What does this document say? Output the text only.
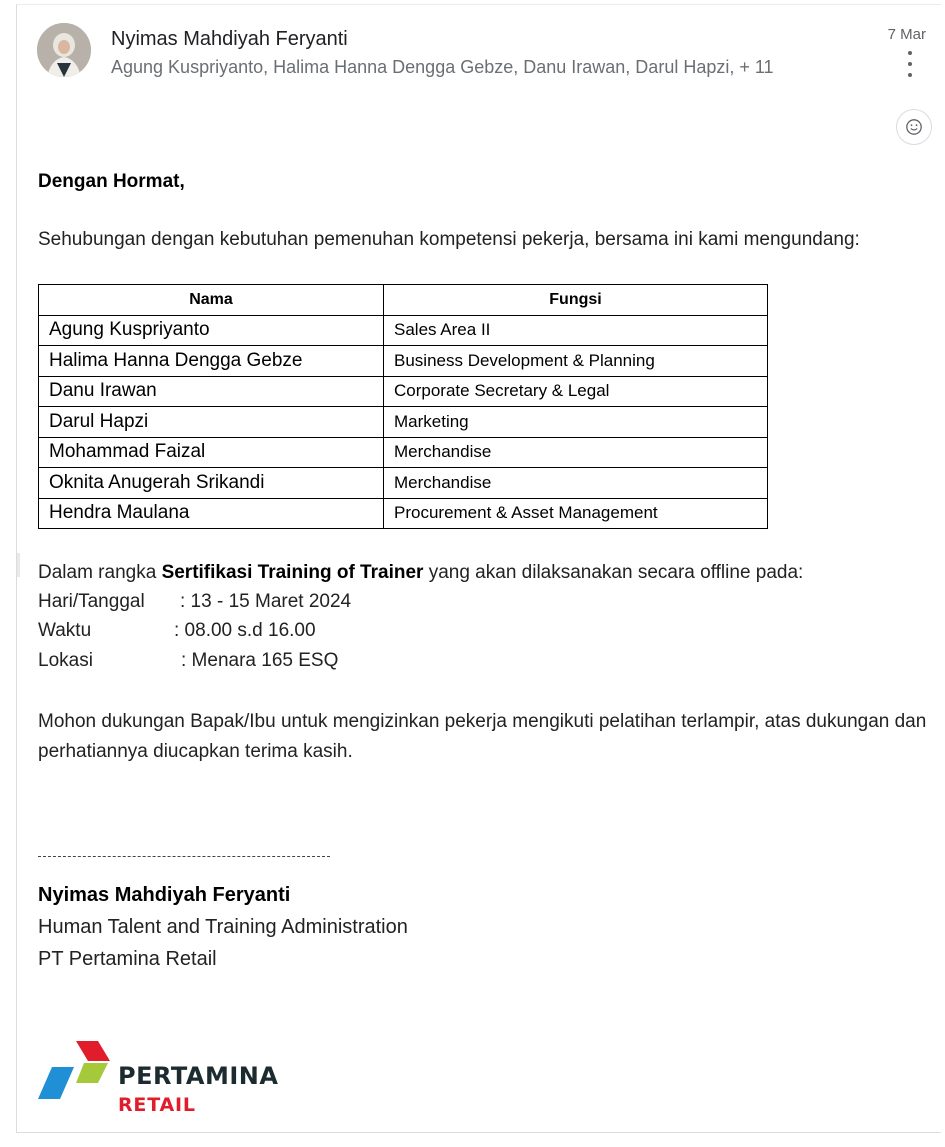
Nyimas Mahdiyah Feryanti
Agung Kuspriyanto, Halima Hanna Dengga Gebze, Danu Irawan, Darul Hapzi, + 11
7 Mar
Dengan Hormat,
Sehubungan dengan kebutuhan pemenuhan kompetensi pekerja, bersama ini kami mengundang:
Nama	Fungsi
Agung Kuspriyanto	Sales Area II
Halima Hanna Dengga Gebze	Business Development & Planning
Danu Irawan	Corporate Secretary & Legal
Darul Hapzi	Marketing
Mohammad Faizal	Merchandise
Oknita Anugerah Srikandi	Merchandise
Hendra Maulana	Procurement & Asset Management
Dalam rangka Sertifikasi Training of Trainer yang akan dilaksanakan secara offline pada:
Hari/Tanggal : 13 - 15 Maret 2024
Waktu	: 08.00 s.d 16.00
Lokasi	: Menara 165 ESQ
Mohon dukungan Bapak/Ibu untuk mengizinkan pekerja mengikuti pelatihan terlampir, atas dukungan dan perhatiannya diucapkan terima kasih.
Nyimas Mahdiyah Feryanti
Human Talent and Training Administration
PT Pertamina Retail
PERTAMINA
RETAIL
